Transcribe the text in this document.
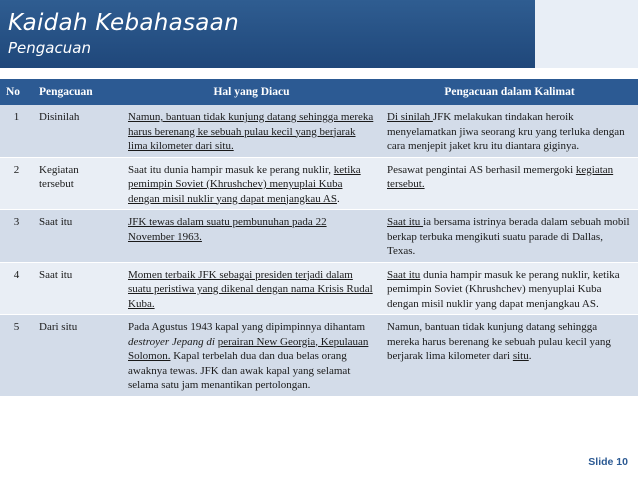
Kaidah Kebahasaan
Pengacuan
No	Pengacuan	Hal yang Diacu	Pengacuan dalam Kalimat
1	Disinilah	Namun, bantuan tidak kunjung datang sehingga mereka harus berenang ke sebuah pulau kecil yang berjarak lima kilometer dari situ.	Di sinilah JFK melakukan tindakan heroik menyelamatkan jiwa seorang kru yang terluka dengan cara menjepit jaket kru itu diantara giginya.
2	Kegiatan tersebut	Saat itu dunia hampir masuk ke perang nuklir, ketika pemimpin Soviet (Khrushchev) menyuplai Kuba dengan misil nuklir yang dapat menjangkau AS.	Pesawat pengintai AS berhasil memergoki kegiatan tersebut.
3	Saat itu	JFK tewas dalam suatu pembunuhan pada 22 November 1963.	Saat itu ia bersama istrinya berada dalam sebuah mobil berkap terbuka mengikuti suatu parade di Dallas, Texas.
4	Saat itu	Momen terbaik JFK sebagai presiden terjadi dalam suatu peristiwa yang dikenal dengan nama Krisis Rudal Kuba.	Saat itu dunia hampir masuk ke perang nuklir, ketika pemimpin Soviet (Khrushchev) menyuplai Kuba dengan misil nuklir yang dapat menjangkau AS.
5	Dari situ	Pada Agustus 1943 kapal yang dipimpinnya dihantam destroyer Jepang di perairan New Georgia, Kepulauan Solomon. Kapal terbelah dua dan dua belas orang awaknya tewas. JFK dan awak kapal yang selamat selama satu jam menantikan pertolongan.	Namun, bantuan tidak kunjung datang sehingga mereka harus berenang ke sebuah pulau kecil yang berjarak lima kilometer dari situ.
Slide 10
